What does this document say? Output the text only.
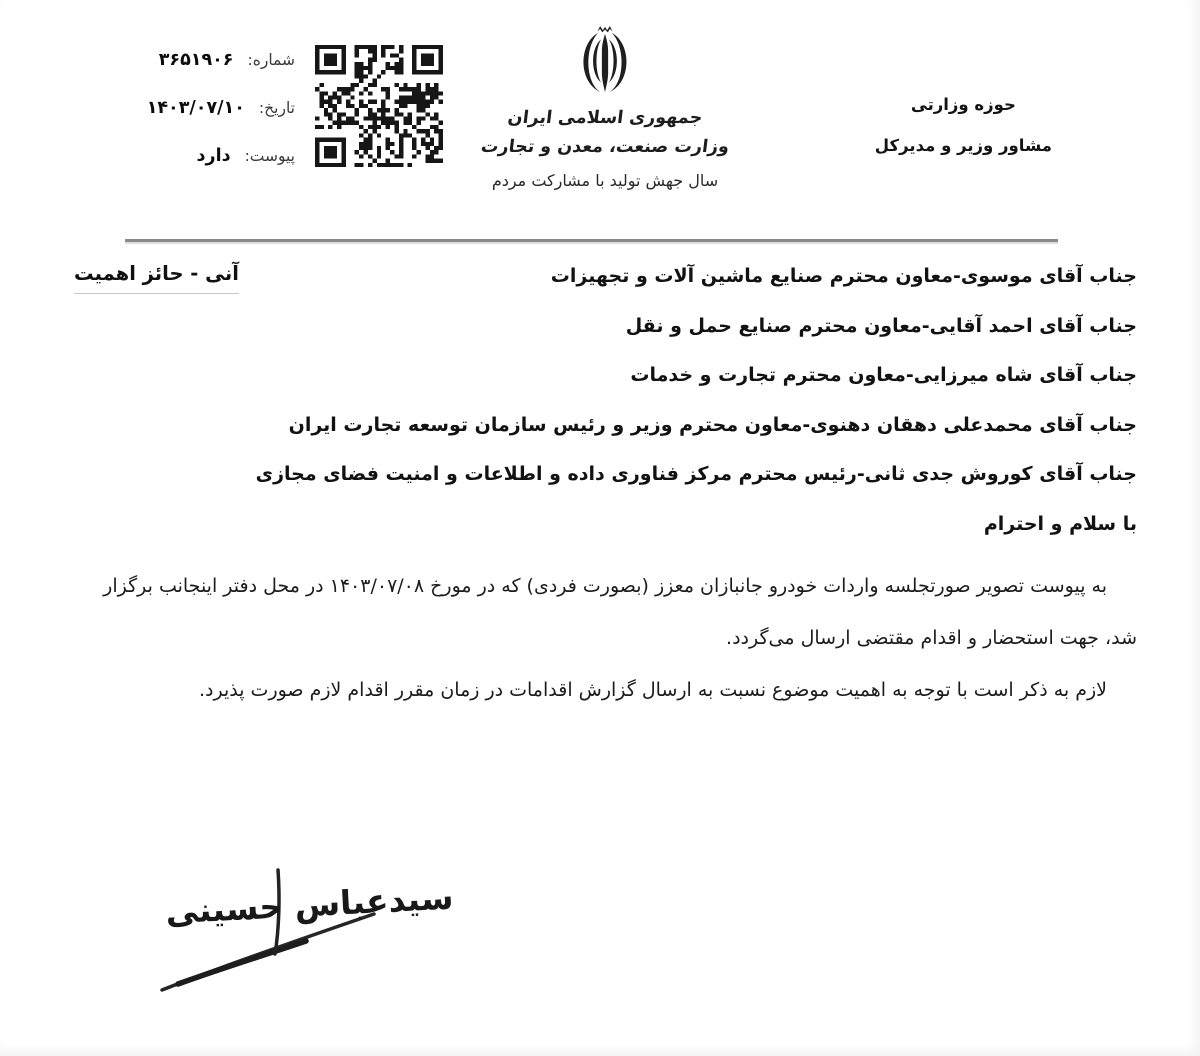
شماره:
۳۶۵۱۹۰۶
تاریخ:
۱۴۰۳/۰۷/۱۰
پیوست:
دارد
جمهوری اسلامی ایران
وزارت صنعت، معدن و تجارت
سال جهش تولید با مشارکت مردم
حوزه وزارتی
مشاور وزیر و مدیرکل
آنی - حائز اهمیت	جناب آقای موسوی-معاون محترم صنایع ماشین آلات و تجهیزات
جناب آقای احمد آقایی-معاون محترم صنایع حمل و نقل
جناب آقای شاه میرزایی-معاون محترم تجارت و خدمات
جناب آقای محمدعلی دهقان دهنوی-معاون محترم وزیر و رئیس سازمان توسعه تجارت ایران
جناب آقای کوروش جدی ثانی-رئیس محترم مرکز فناوری داده و اطلاعات و امنیت فضای مجازی
با سلام و احترام

به پیوست تصویر صورتجلسه واردات خودرو جانبازان معزز (بصورت فردی) که در مورخ ۱۴۰۳/۰۷/۰۸ در محل دفتر اینجانب برگزار شد، جهت استحضار و اقدام مقتضی ارسال می‌گردد.

لازم به ذکر است با توجه به اهمیت موضوع نسبت به ارسال گزارش اقدامات در زمان مقرر اقدام لازم صورت پذیرد.

سیدعباس حسینی
